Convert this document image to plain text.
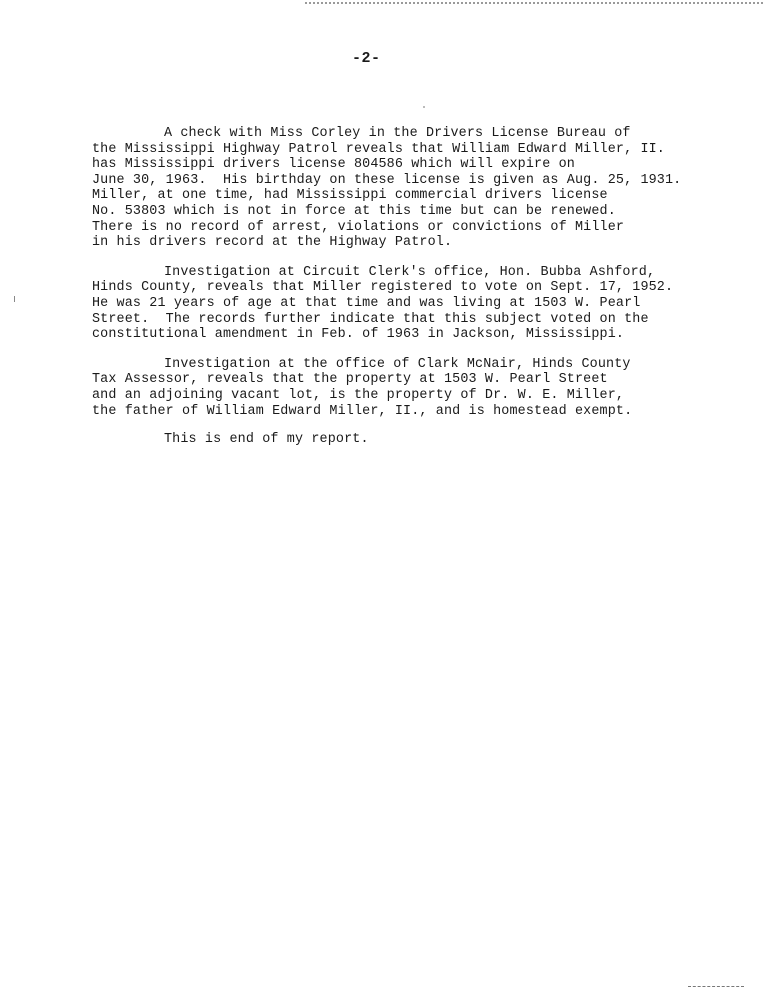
-2-
A check with Miss Corley in the Drivers License Bureau of
the Mississippi Highway Patrol reveals that William Edward Miller, II.
has Mississippi drivers license 804586 which will expire on
June 30, 1963.  His birthday on these license is given as Aug. 25, 1931.
Miller, at one time, had Mississippi commercial drivers license
No. 53803 which is not in force at this time but can be renewed.
There is no record of arrest, violations or convictions of Miller
in his drivers record at the Highway Patrol.
Investigation at Circuit Clerk's office, Hon. Bubba Ashford,
Hinds County, reveals that Miller registered to vote on Sept. 17, 1952.
He was 21 years of age at that time and was living at 1503 W. Pearl
Street.  The records further indicate that this subject voted on the
constitutional amendment in Feb. of 1963 in Jackson, Mississippi.
Investigation at the office of Clark McNair, Hinds County
Tax Assessor, reveals that the property at 1503 W. Pearl Street
and an adjoining vacant lot, is the property of Dr. W. E. Miller,
the father of William Edward Miller, II., and is homestead exempt.
This is end of my report.
